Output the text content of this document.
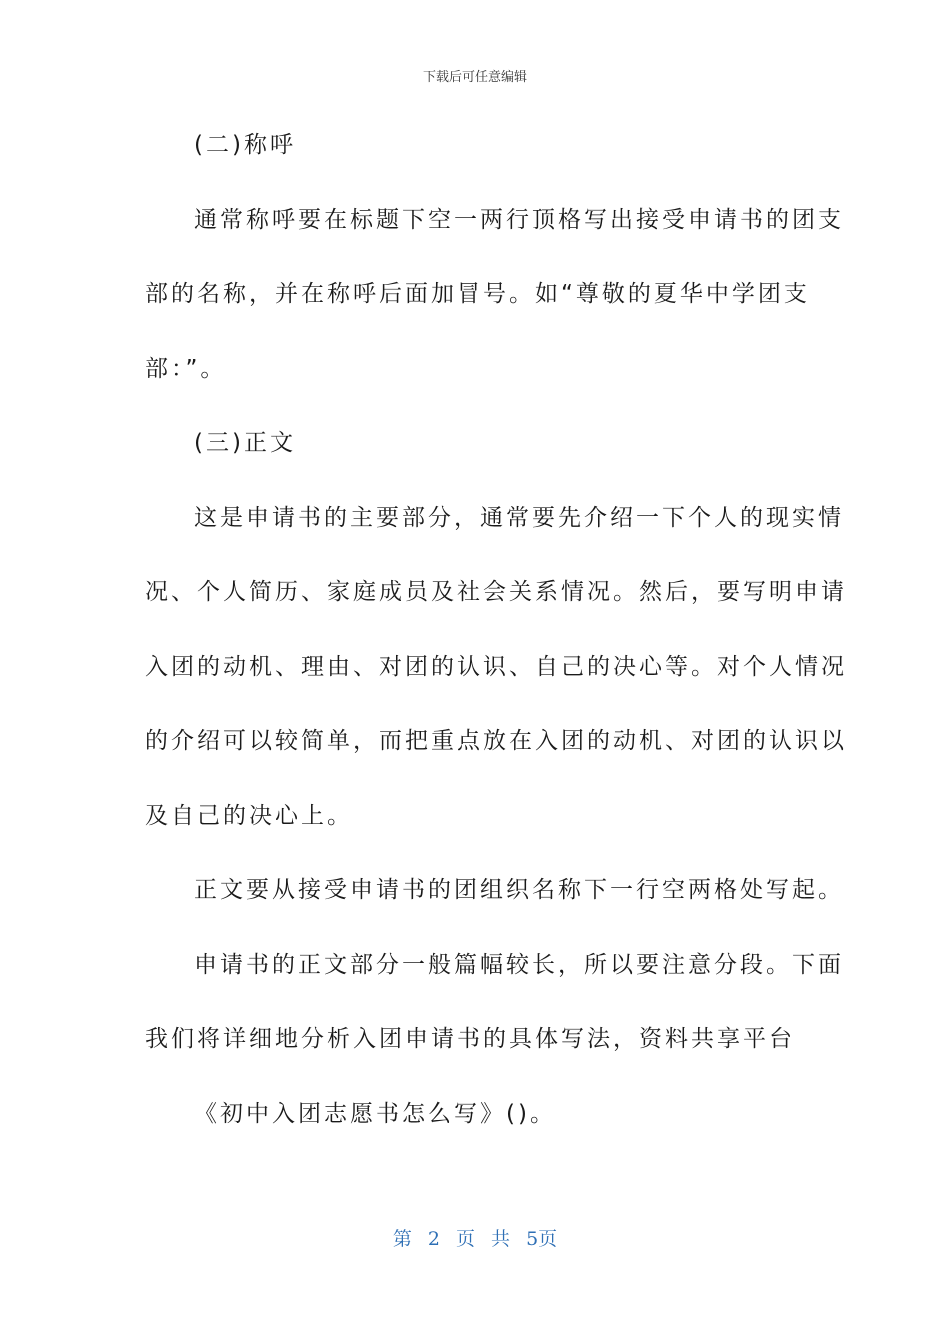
下载后可任意编辑

(二)称呼

通常称呼要在标题下空一两行顶格写出接受申请书的团支

部的名称，并在称呼后面加冒号。如“尊敬的夏华中学团支

部：”。

(三)正文

这是申请书的主要部分，通常要先介绍一下个人的现实情

况、个人简历、家庭成员及社会关系情况。然后，要写明申请

入团的动机、理由、对团的认识、自己的决心等。对个人情况

的介绍可以较简单，而把重点放在入团的动机、对团的认识以

及自己的决心上。

正文要从接受申请书的团组织名称下一行空两格处写起。

申请书的正文部分一般篇幅较长，所以要注意分段。下面

我们将详细地分析入团申请书的具体写法，资料共享平台

《初中入团志愿书怎么写》()。

第 2 页 共 5页
